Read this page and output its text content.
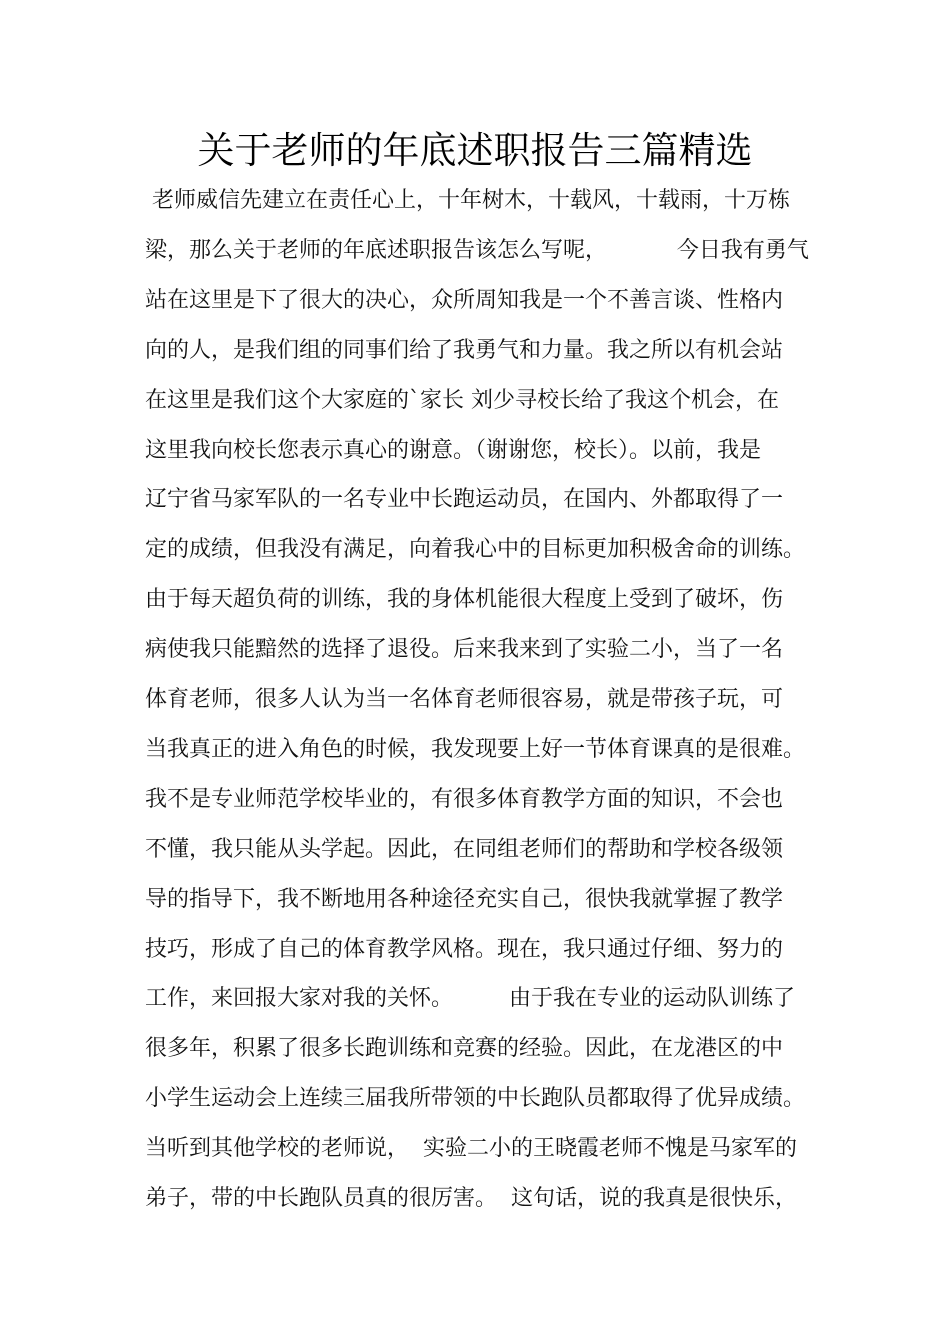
关于老师的年底述职报告三篇精选
老师威信先建立在责任心上，十年树木，十载风，十载雨，十万栋
梁，那么关于老师的年底述职报告该怎么写呢，          今日我有勇气
站在这里是下了很大的决心，众所周知我是一个不善言谈、性格内
向的人，是我们组的同事们给了我勇气和力量。我之所以有机会站
在这里是我们这个大家庭的`家长 刘少寻校长给了我这个机会，在
这里我向校长您表示真心的谢意。（谢谢您，校长）。以前，我是
辽宁省马家军队的一名专业中长跑运动员，在国内、外都取得了一
定的成绩，但我没有满足，向着我心中的目标更加积极舍命的训练。
由于每天超负荷的训练，我的身体机能很大程度上受到了破坏，伤
病使我只能黯然的选择了退役。后来我来到了实验二小，当了一名
体育老师，很多人认为当一名体育老师很容易，就是带孩子玩，可
当我真正的进入角色的时候，我发现要上好一节体育课真的是很难。
我不是专业师范学校毕业的，有很多体育教学方面的知识，不会也
不懂，我只能从头学起。因此，在同组老师们的帮助和学校各级领
导的指导下，我不断地用各种途径充实自己，很快我就掌握了教学
技巧，形成了自己的体育教学风格。现在，我只通过仔细、努力的
工作，来回报大家对我的关怀。        由于我在专业的运动队训练了
很多年，积累了很多长跑训练和竞赛的经验。因此，在龙港区的中
小学生运动会上连续三届我所带领的中长跑队员都取得了优异成绩。
当听到其他学校的老师说，  实验二小的王晓霞老师不愧是马家军的
弟子，带的中长跑队员真的很厉害。  这句话，说的我真是很快乐，
